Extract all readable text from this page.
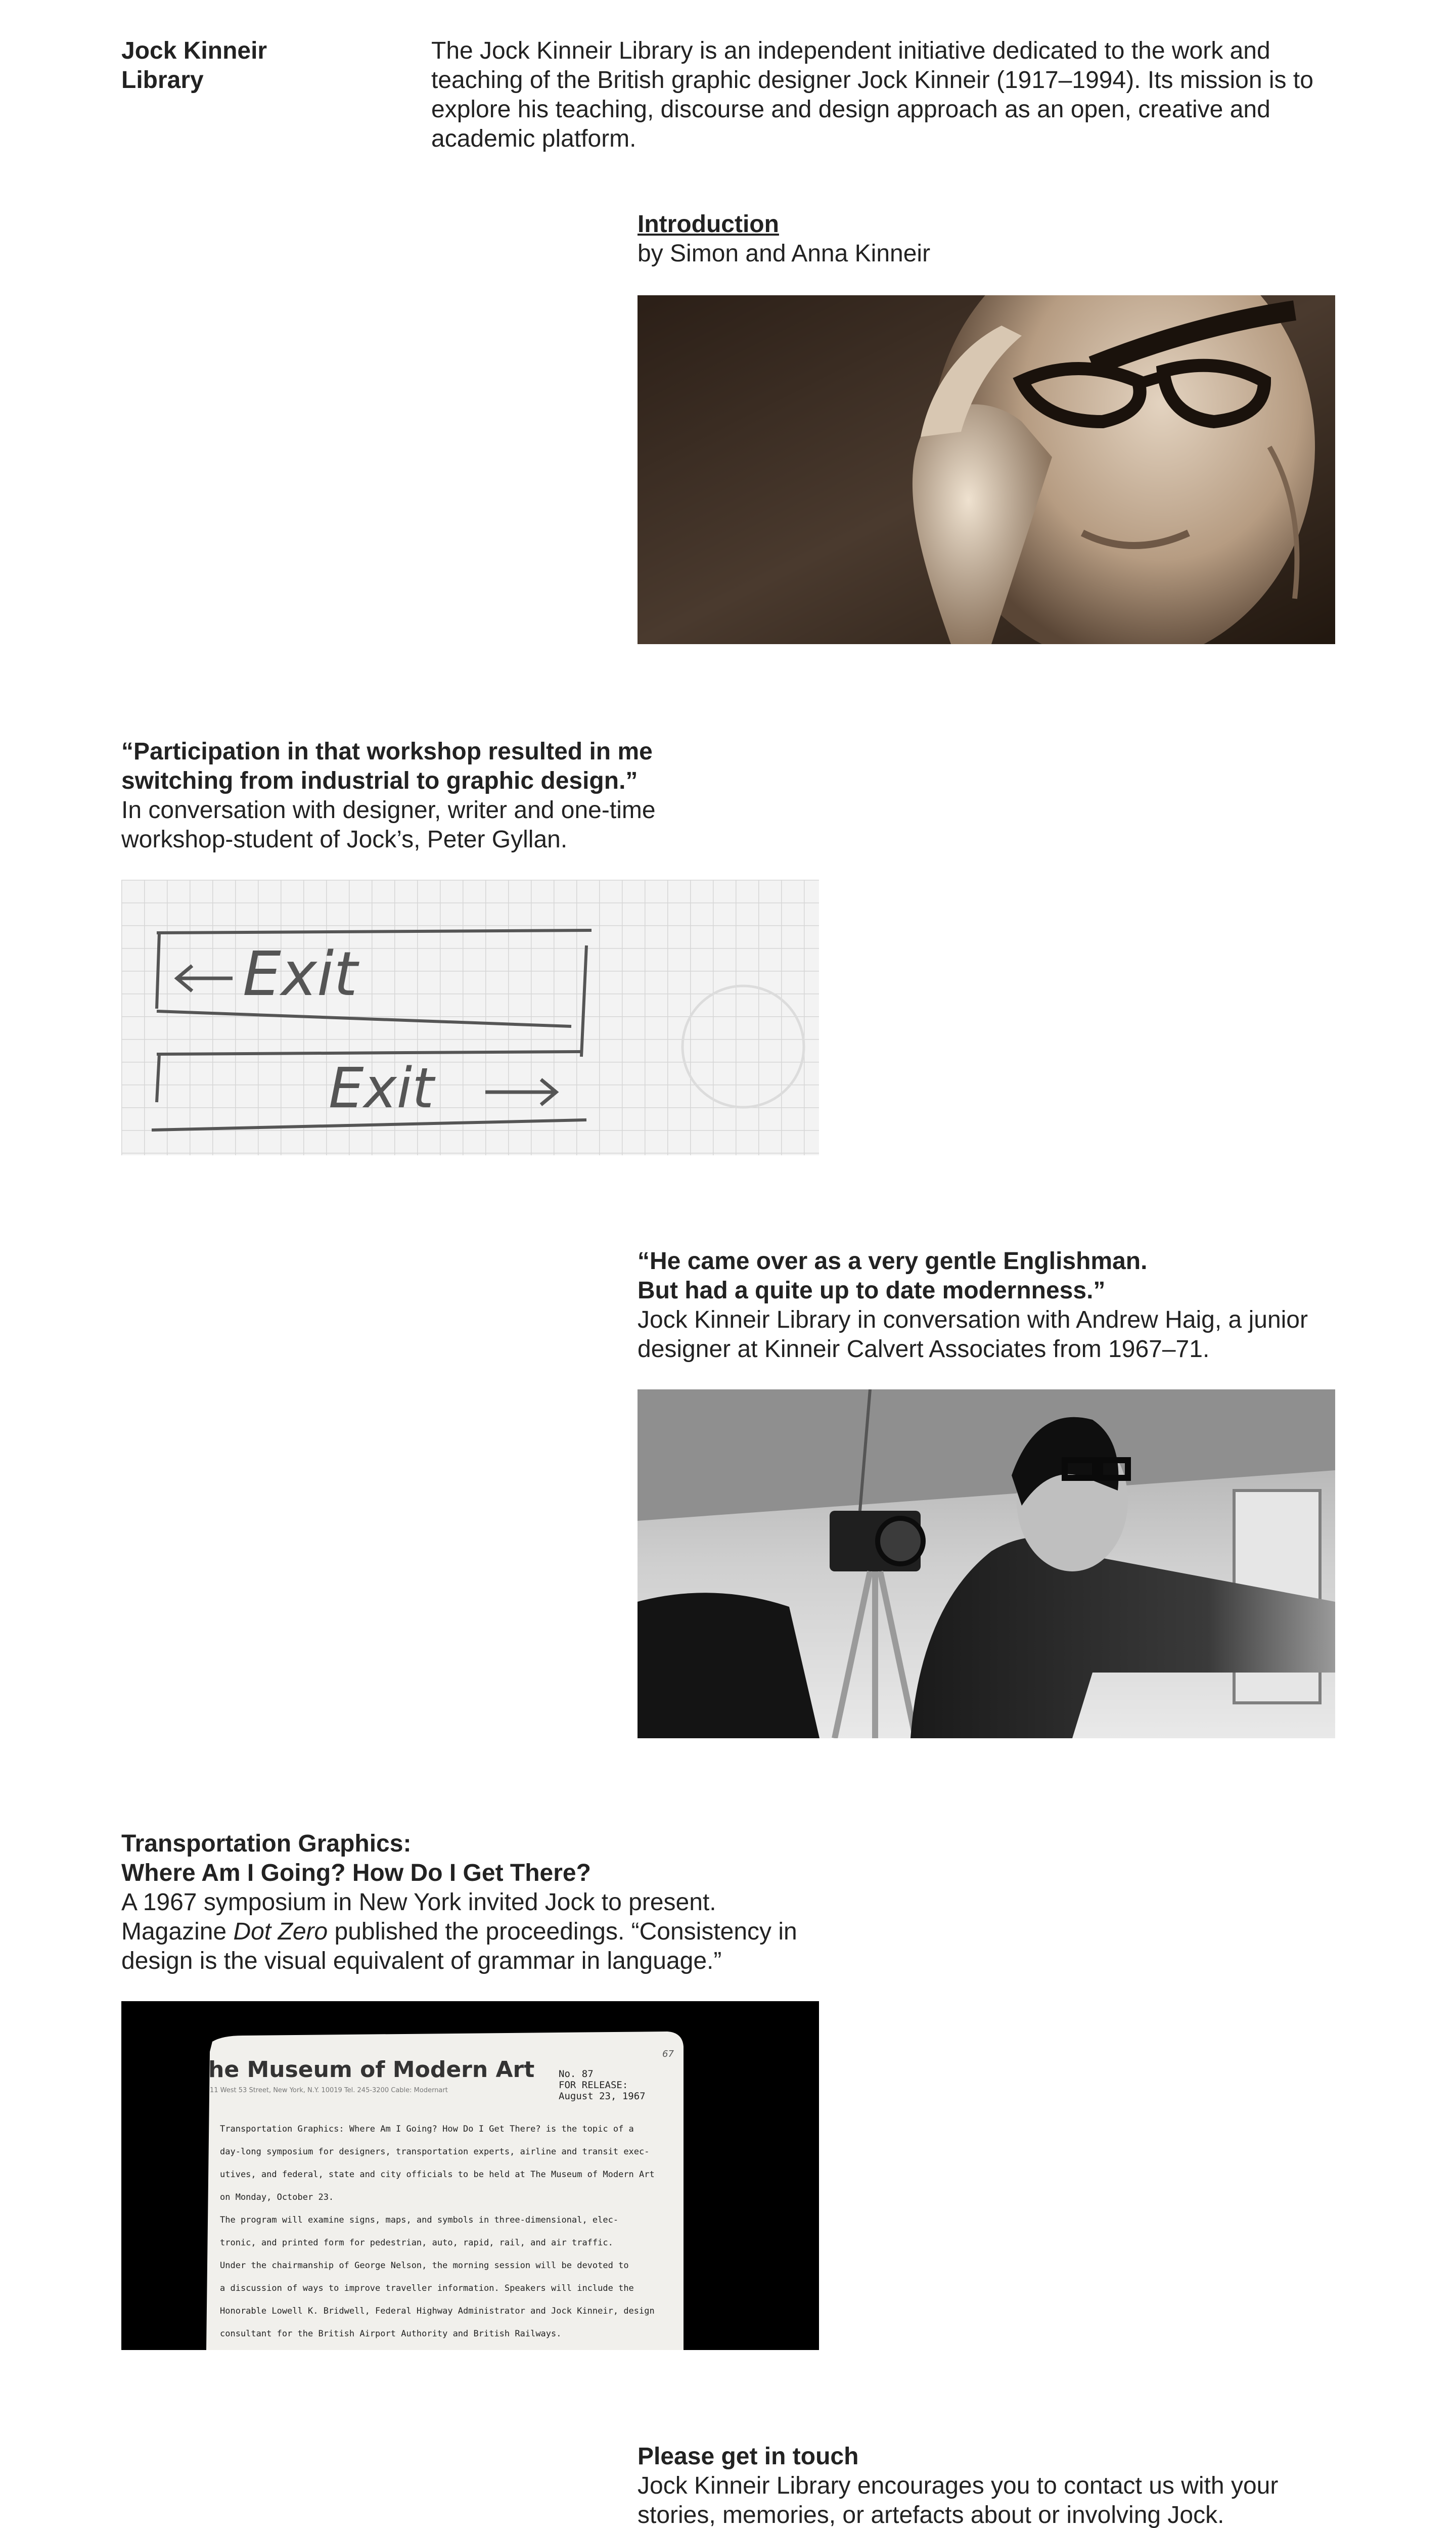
Jock Kinneir
Library

The Jock Kinneir Library is an independent initiative dedicated to the work and teaching of the British graphic designer Jock Kinneir (1917–1994). Its mission is to explore his teaching, discourse and design approach as an open, creative and academic platform.

Introduction

by Simon and Anna Kinneir

“Participation in that workshop resulted in me
switching from industrial to graphic design.”

In conversation with designer, writer and one-time workshop-student of Jock’s, Peter Gyllan.

Exit
Exit
“He came over as a very gentle Englishman.
But had a quite up to date modernness.”

Jock Kinneir Library in conversation with Andrew Haig, a junior designer at Kinneir Calvert Associates from 1967–71.

Transportation Graphics:
Where Am I Going? How Do I Get There?

A 1967 symposium in New York invited Jock to present. Magazine Dot Zero published the proceedings. “Consistency in design is the visual equivalent of grammar in language.”

he Museum of Modern Art
11 West 53 Street, New York, N.Y. 10019 Tel. 245-3200 Cable: Modernart
67
No. 87
FOR RELEASE:
August 23, 1967
Transportation Graphics: Where Am I Going? How Do I Get There? is the topic of a
day-long symposium for designers, transportation experts, airline and transit exec-
utives, and federal, state and city officials to be held at The Museum of Modern Art
on Monday, October 23.
The program will examine signs, maps, and symbols in three-dimensional, elec-
tronic, and printed form for pedestrian, auto, rapid, rail, and air traffic.
Under the chairmanship of George Nelson, the morning session will be devoted to
a discussion of ways to improve traveller information. Speakers will include the
Honorable Lowell K. Bridwell, Federal Highway Administrator and Jock Kinneir, design
consultant for the British Airport Authority and British Railways.
Please get in touch

Jock Kinneir Library encourages you to contact us with your stories, memories, or artefacts about or involving Jock.
